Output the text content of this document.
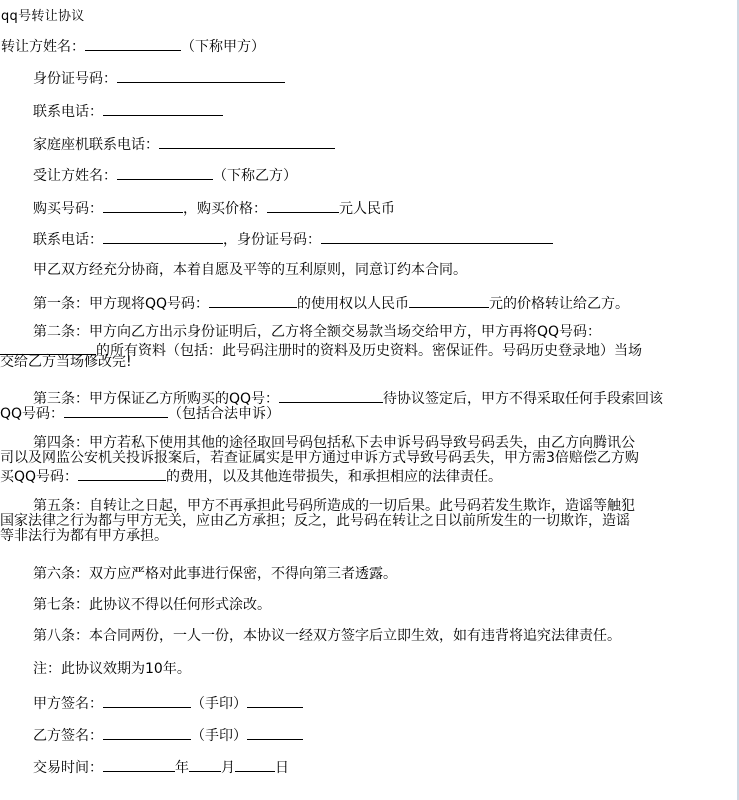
qq号转让协议
转让方姓名：	（下称甲方）
身份证号码：
联系电话：
家庭座机联系电话：
受让方姓名：	（下称乙方）
购买号码：	，购买价格：	元人民币
联系电话：	，身份证号码：
甲乙双方经充分协商，本着自愿及平等的互利原则，同意订约本合同。
第一条：甲方现将QQ号码：	的使用权以人民币	元的价格转让给乙方。
第二条：甲方向乙方出示身份证明后，乙方将全额交易款当场交给甲方，甲方再将QQ号码：
的所有资料（包括：此号码注册时的资料及历史资料。密保证件。号码历史登录地）当场
交给乙方当场修改完!
第三条：甲方保证乙方所购买的QQ号：	待协议签定后，甲方不得采取任何手段索回该
QQ号码：	（包括合法申诉）
第四条：甲方若私下使用其他的途径取回号码包括私下去申诉号码导致号码丢失，由乙方向腾讯公
司以及网监公安机关投诉报案后，若查证属实是甲方通过申诉方式导致号码丢失，甲方需3倍赔偿乙方购
买QQ号码：	的费用，以及其他连带损失，和承担相应的法律责任。
第五条：自转让之日起，甲方不再承担此号码所造成的一切后果。此号码若发生欺诈，造谣等触犯
国家法律之行为都与甲方无关，应由乙方承担；反之，此号码在转让之日以前所发生的一切欺诈，造谣
等非法行为都有甲方承担。
第六条：双方应严格对此事进行保密，不得向第三者透露。
第七条：此协议不得以任何形式涂改。
第八条：本合同两份，一人一份，本协议一经双方签字后立即生效，如有违背将追究法律责任。
注：此协议效期为10年。
甲方签名：	（手印）
乙方签名：	（手印）
交易时间：	年 月	日
